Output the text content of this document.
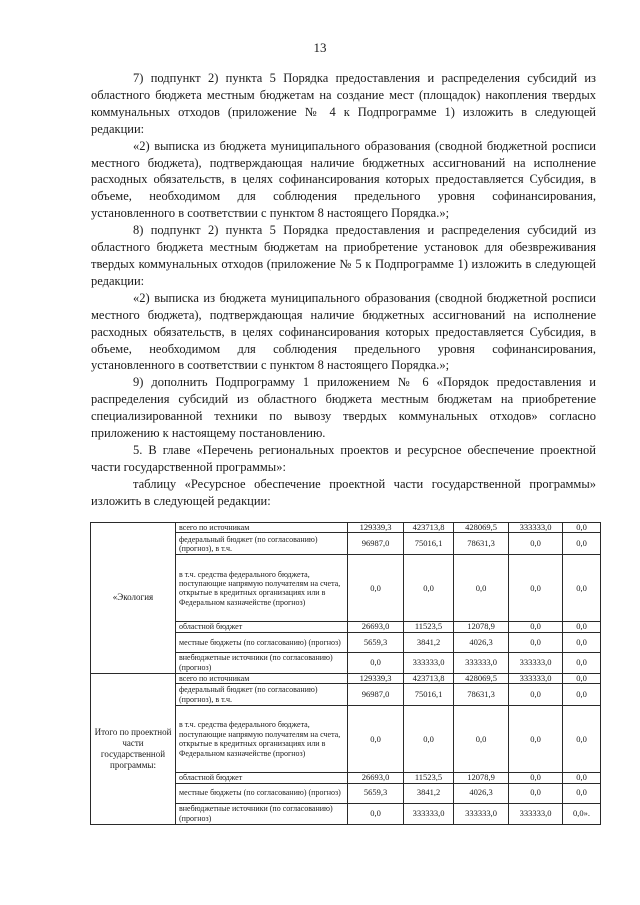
13

7) подпункт 2) пункта 5 Порядка предоставления и распределения субсидий из областного бюджета местным бюджетам на создание мест (площадок) накопления твердых коммунальных отходов (приложение № 4 к Подпрограмме 1) изложить в следующей редакции:

«2) выписка из бюджета муниципального образования (сводной бюджетной росписи местного бюджета), подтверждающая наличие бюджетных ассигнований на исполнение расходных обязательств, в целях софинансирования которых предоставляется Субсидия, в объеме, необходимом для соблюдения предельного уровня софинансирования, установленного в соответствии с пунктом 8 настоящего Порядка.»;

8) подпункт 2) пункта 5 Порядка предоставления и распределения субсидий из областного бюджета местным бюджетам на приобретение установок для обезвреживания твердых коммунальных отходов (приложение № 5 к Подпрограмме 1) изложить в следующей редакции:

«2) выписка из бюджета муниципального образования (сводной бюджетной росписи местного бюджета), подтверждающая наличие бюджетных ассигнований на исполнение расходных обязательств, в целях софинансирования которых предоставляется Субсидия, в объеме, необходимом для соблюдения предельного уровня софинансирования, установленного в соответствии с пунктом 8 настоящего Порядка.»;

9) дополнить Подпрограмму 1 приложением № 6 «Порядок предоставления и распределения субсидий из областного бюджета местным бюджетам на приобретение специализированной техники по вывозу твердых коммунальных отходов» согласно приложению к настоящему постановлению.

5. В главе «Перечень региональных проектов и ресурсное обеспечение проектной части государственной программы»:

таблицу «Ресурсное обеспечение проектной части государственной программы» изложить в следующей редакции:

«Экология	всего по источникам	129339,3	423713,8	428069,5	333333,0	0,0
	федеральный бюджет (по согласованию) (прогноз), в т.ч.	96987,0	75016,1	78631,3	0,0	0,0
	в т.ч. средства федерального бюджета, поступающие напрямую получателям на счета, открытые в кредитных организациях или в Федеральном казначействе (прогноз)	0,0	0,0	0,0	0,0	0,0
	областной бюджет	26693,0	11523,5	12078,9	0,0	0,0
	местные бюджеты (по согласованию) (прогноз)	5659,3	3841,2	4026,3	0,0	0,0
	внебюджетные источники (по согласованию) (прогноз)	0,0	333333,0	333333,0	333333,0	0,0
Итого по проектной части государственной программы:	всего по источникам	129339,3	423713,8	428069,5	333333,0	0,0
	федеральный бюджет (по согласованию) (прогноз), в т.ч.	96987,0	75016,1	78631,3	0,0	0,0
	в т.ч. средства федерального бюджета, поступающие напрямую получателям на счета, открытые в кредитных организациях или в Федеральном казначействе (прогноз)	0,0	0,0	0,0	0,0	0,0
	областной бюджет	26693,0	11523,5	12078,9	0,0	0,0
	местные бюджеты (по согласованию) (прогноз)	5659,3	3841,2	4026,3	0,0	0,0
	внебюджетные источники (по согласованию) (прогноз)	0,0	333333,0	333333,0	333333,0	0,0».
